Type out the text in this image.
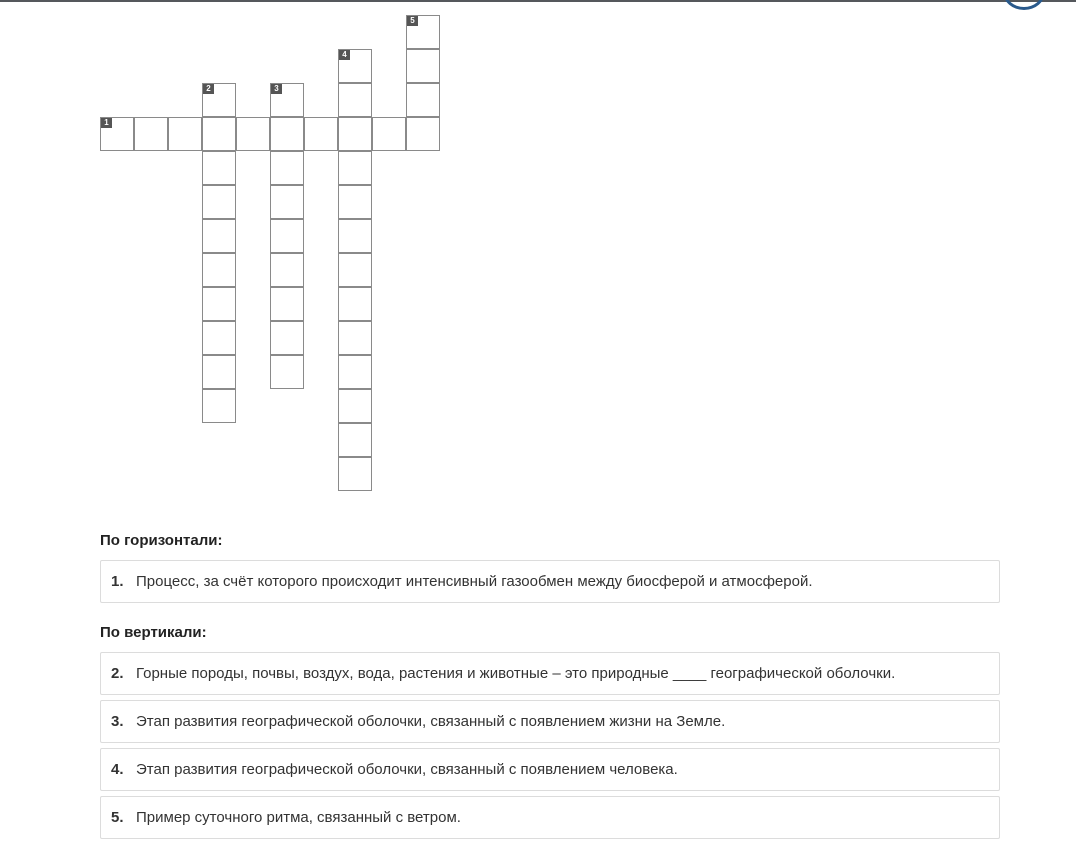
1
2	3
4
5
По горизонтали:
1. Процесс, за счёт которого происходит интенсивный газообмен между биосферой и атмосферой.
По вертикали:
2. Горные породы, почвы, воздух, вода, растения и животные – это природные ____ географической оболочки.
3. Этап развития географической оболочки, связанный с появлением жизни на Земле.
4. Этап развития географической оболочки, связанный с появлением человека.
5. Пример суточного ритма, связанный с ветром.
